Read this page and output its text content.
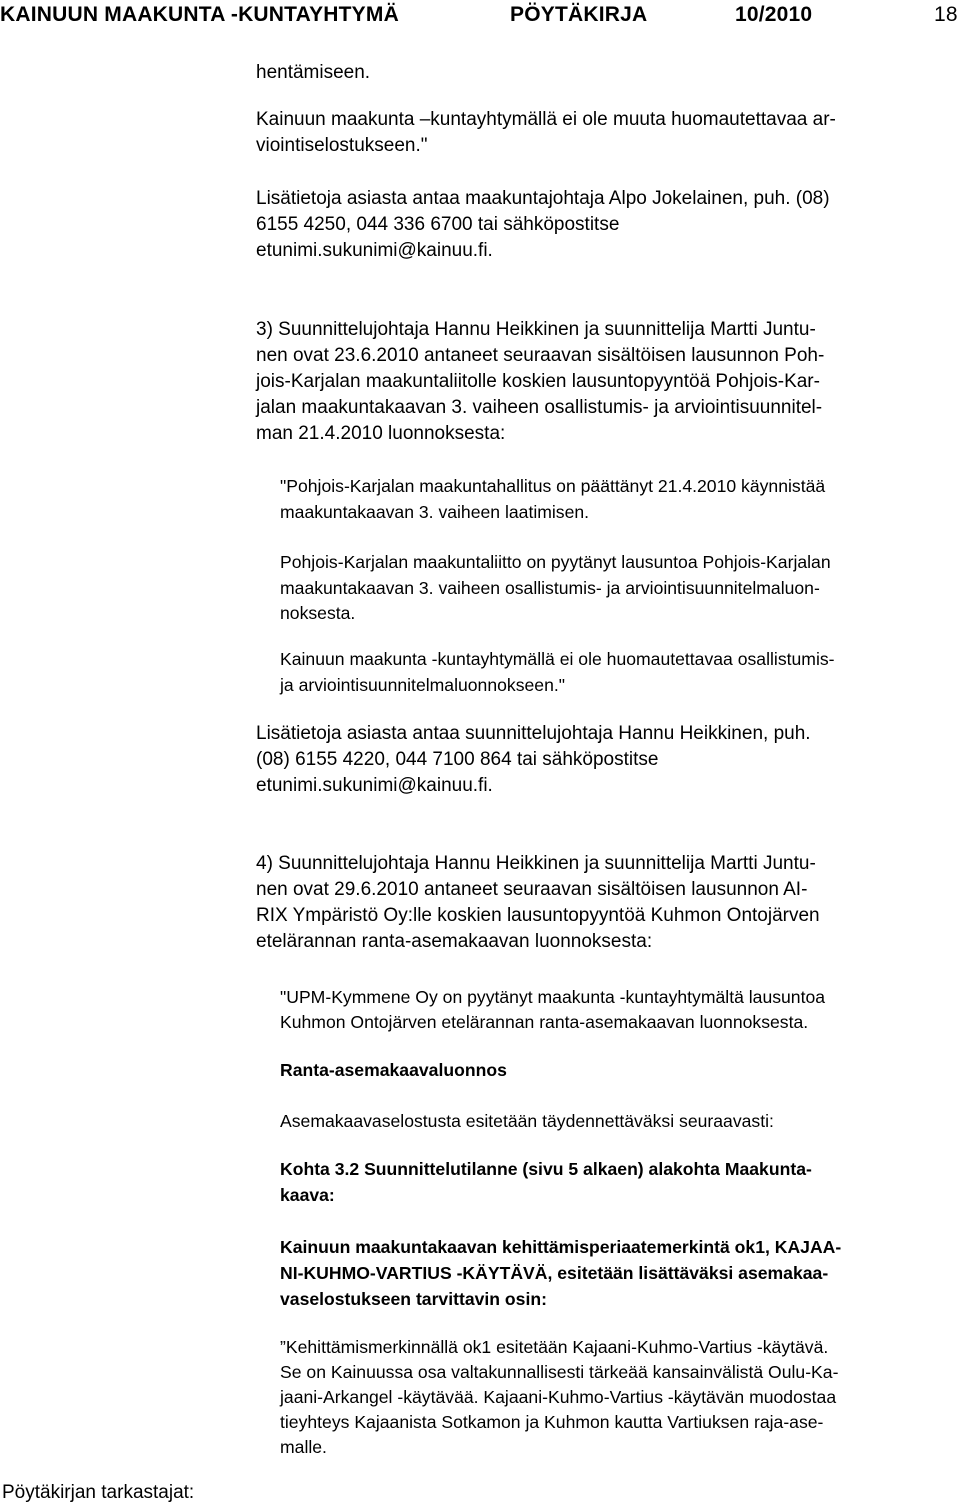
KAINUUN MAAKUNTA -KUNTAYHTYMÄ	PÖYTÄKIRJA	10/2010	18
hentämiseen.
Kainuun maakunta –kuntayhtymällä ei ole muuta huomautettavaa ar-
viointiselostukseen."
Lisätietoja asiasta antaa maakuntajohtaja Alpo Jokelainen, puh. (08)
6155 4250, 044 336 6700 tai sähköpostitse
etunimi.sukunimi@kainuu.fi.
3) Suunnittelujohtaja Hannu Heikkinen ja suunnittelija Martti Juntu-
nen ovat 23.6.2010 antaneet seuraavan sisältöisen lausunnon Poh-
jois-Karjalan maakuntaliitolle koskien lausuntopyyntöä Pohjois-Kar-
jalan maakuntakaavan 3. vaiheen osallistumis- ja arviointisuunnitel-
man 21.4.2010 luonnoksesta:
"Pohjois-Karjalan maakuntahallitus on päättänyt 21.4.2010 käynnistää
maakuntakaavan 3. vaiheen laatimisen.
Pohjois-Karjalan maakuntaliitto on pyytänyt lausuntoa Pohjois-Karjalan
maakuntakaavan 3. vaiheen osallistumis- ja arviointisuunnitelmaluon-
noksesta.
Kainuun maakunta -kuntayhtymällä ei ole huomautettavaa osallistumis-
ja arviointisuunnitelmaluonnokseen."
Lisätietoja asiasta antaa suunnittelujohtaja Hannu Heikkinen, puh.
(08) 6155 4220, 044 7100 864 tai sähköpostitse
etunimi.sukunimi@kainuu.fi.
4) Suunnittelujohtaja Hannu Heikkinen ja suunnittelija Martti Juntu-
nen ovat 29.6.2010 antaneet seuraavan sisältöisen lausunnon AI-
RIX Ympäristö Oy:lle koskien lausuntopyyntöä Kuhmon Ontojärven
etelärannan ranta-asemakaavan luonnoksesta:
"UPM-Kymmene Oy on pyytänyt maakunta -kuntayhtymältä lausuntoa
Kuhmon Ontojärven etelärannan ranta-asemakaavan luonnoksesta.
Ranta-asemakaavaluonnos
Asemakaavaselostusta esitetään täydennettäväksi seuraavasti:
Kohta 3.2 Suunnittelutilanne (sivu 5 alkaen) alakohta Maakunta-
kaava:
Kainuun maakuntakaavan kehittämisperiaatemerkintä ok1, KAJAA-
NI-KUHMO-VARTIUS -KÄYTÄVÄ, esitetään lisättäväksi asemakaa-
vaselostukseen tarvittavin osin:
”Kehittämismerkinnällä ok1 esitetään Kajaani-Kuhmo-Vartius -käytävä.
Se on Kainuussa osa valtakunnallisesti tärkeää kansainvälistä Oulu-Ka-
jaani-Arkangel -käytävää. Kajaani-Kuhmo-Vartius -käytävän muodostaa
tieyhteys Kajaanista Sotkamon ja Kuhmon kautta Vartiuksen raja-ase-
malle.
Pöytäkirjan tarkastajat:
